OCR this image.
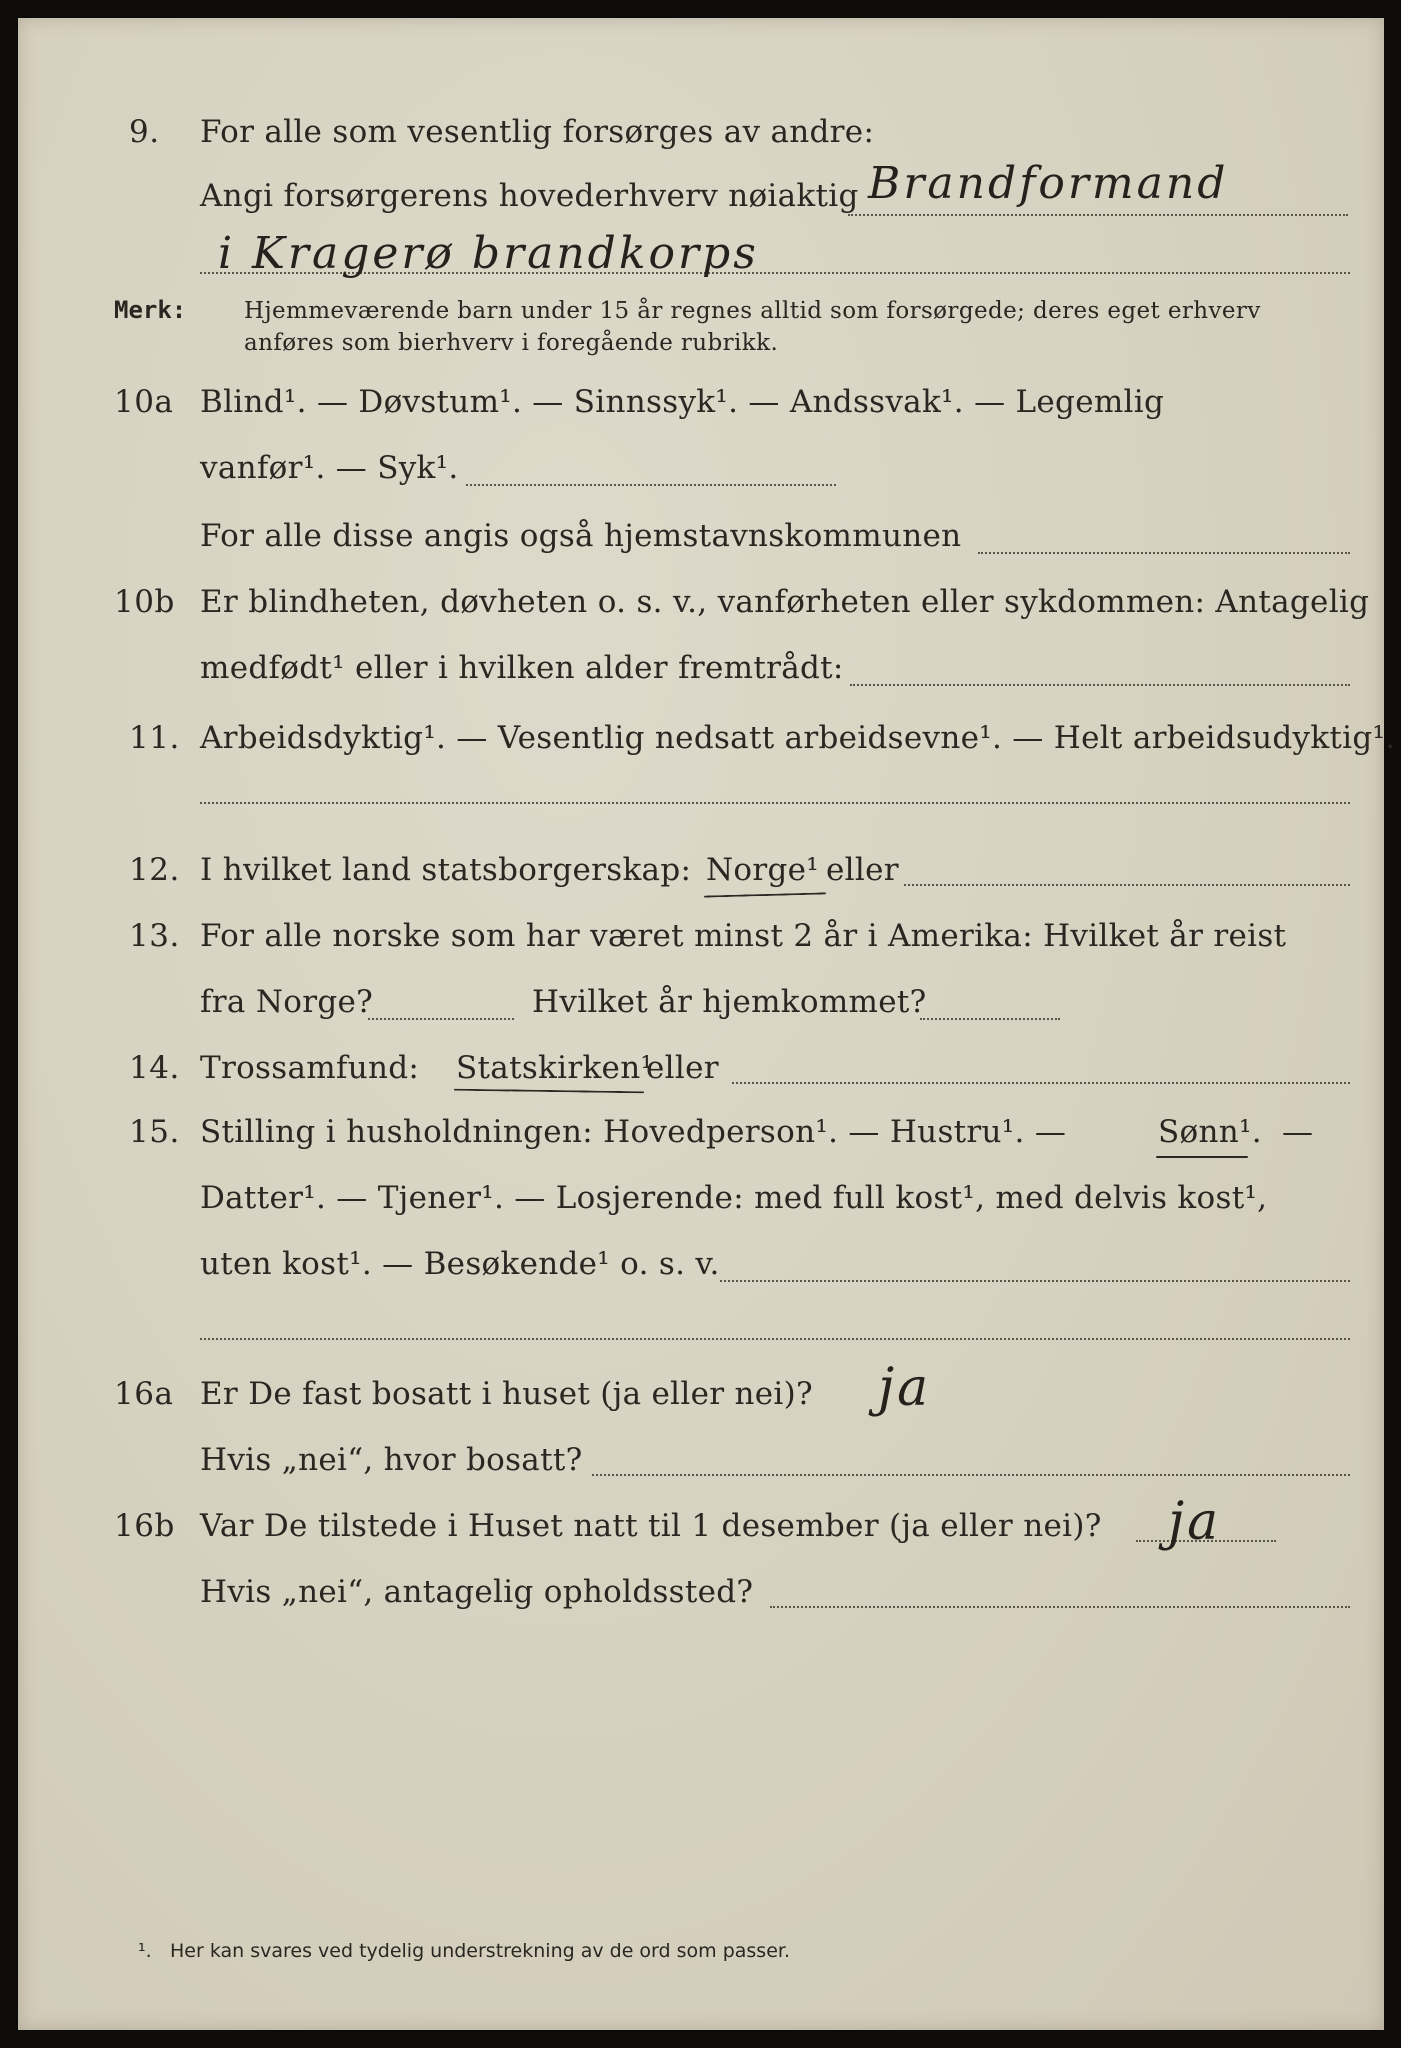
9. For alle som vesentlig forsørges av andre:
Angi forsørgerens hovederhverv nøiaktig Brandformand
i Kragerø brandkorps
Merk:	Hjemmeværende barn under 15 år regnes alltid som forsørgede; deres eget erhverv
anføres som bierhverv i foregående rubrikk.
10a Blind¹. — Døvstum¹. — Sinnssyk¹. — Andssvak¹. — Legemlig
vanfør¹. — Syk¹.
For alle disse angis også hjemstavnskommunen
10b Er blindheten, døvheten o. s. v., vanførheten eller sykdommen: Antagelig
medfødt¹ eller i hvilken alder fremtrådt:
11. Arbeidsdyktig¹. — Vesentlig nedsatt arbeidsevne¹. — Helt arbeidsudyktig¹.
12. I hvilket land statsborgerskap: Norge¹ eller
13. For alle norske som har været minst 2 år i Amerika: Hvilket år reist
fra Norge?	Hvilket år hjemkommet?
14. Trossamfund: Statskirken¹
eller
15. Stilling i husholdningen: Hovedperson¹. — Hustru¹. —	Sønn¹. —
Datter¹. — Tjener¹. — Losjerende: med full kost¹, med delvis kost¹,
uten kost¹. — Besøkende¹ o. s. v.
16a Er De fast bosatt i huset (ja eller nei)? ja
Hvis „nei“, hvor bosatt?
16b Var De tilstede i Huset natt til 1 desember (ja eller nei)? ja
Hvis „nei“, antagelig opholdssted?
¹. Her kan svares ved tydelig understrekning av de ord som passer.
